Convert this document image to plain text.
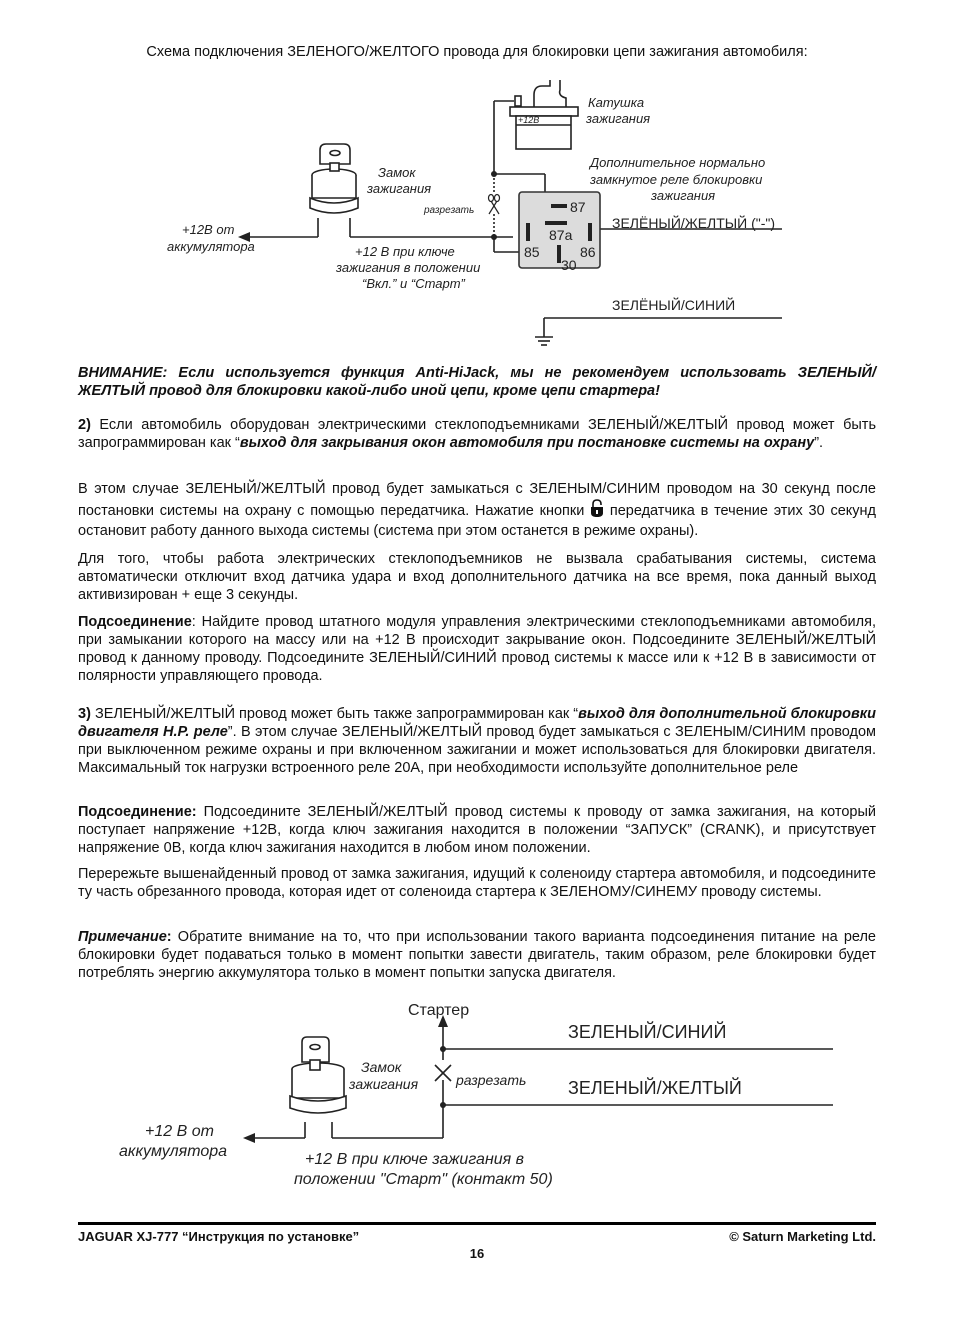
Схема подключения ЗЕЛЕНОГО/ЖЕЛТОГО провода для блокировки цепи зажигания автомобиля:
+12В
87
87a
85	86
30
Катушка
зажигания
Замок
зажигания
разрезать
+12В от
аккумулятора	+12 В при ключе
зажигания в положении
“Вкл.” и “Старт”
Дополнительное нормально
замкнутое реле блокировки
зажигания
ЗЕЛЁНЫЙ/ЖЕЛТЫЙ ("-")
ЗЕЛЁНЫЙ/СИНИЙ
ВНИМАНИЕ: Если используется функция Anti-HiJack, мы не рекомендуем использовать ЗЕЛЕНЫЙ/ЖЕЛТЫЙ провод для блокировки какой-либо иной цепи, кроме цепи стартера!
2) Если автомобиль оборудован электрическими стеклоподъемниками ЗЕЛЕНЫЙ/ЖЕЛТЫЙ провод может быть запрограммирован как “выход для закрывания окон автомобиля при постановке системы на охрану”.
В этом случае ЗЕЛЕНЫЙ/ЖЕЛТЫЙ провод будет замыкаться с ЗЕЛЕНЫМ/СИНИМ проводом на 30 секунд после постановки системы на охрану с помощью передатчика. Нажатие кнопки  передатчика в течение этих 30 секунд остановит работу данного выхода системы (система при этом останется в режиме охраны).
Для того, чтобы работа электрических стеклоподъемников не вызвала срабатывания системы, система автоматически отключит вход датчика удара и вход дополнительного датчика на все время, пока данный выход активизирован + еще 3 секунды.
Подсоединение: Найдите провод штатного модуля управления электрическими стеклоподъемниками автомобиля, при замыкании которого на массу или на +12 В происходит закрывание окон. Подсоедините ЗЕЛЕНЫЙ/ЖЕЛТЫЙ провод к данному проводу. Подсоедините ЗЕЛЕНЫЙ/СИНИЙ провод системы к массе или к +12 В в зависимости от полярности управляющего провода.
3) ЗЕЛЕНЫЙ/ЖЕЛТЫЙ провод может быть также запрограммирован как “выход для дополнительной блокировки двигателя Н.Р. реле”. В этом случае ЗЕЛЕНЫЙ/ЖЕЛТЫЙ провод будет замыкаться с ЗЕЛЕНЫМ/СИНИМ проводом при выключенном режиме охраны и при включенном зажигании и может использоваться для блокировки двигателя. Максимальный ток нагрузки встроенного реле 20А, при необходимости используйте дополнительное реле
Подсоединение: Подсоедините ЗЕЛЕНЫЙ/ЖЕЛТЫЙ провод системы к проводу от замка зажигания, на который поступает напряжение +12В, когда ключ зажигания находится в положении “ЗАПУСК” (CRANK), и присутствует напряжение 0В, когда ключ зажигания находится в любом ином положении.
Перережьте вышенайденный провод от замка зажигания, идущий к соленоиду стартера автомобиля, и подсоедините ту часть обрезанного провода, которая идет от соленоида стартера к ЗЕЛЕНОМУ/СИНЕМУ проводу системы.
Примечание: Обратите внимание на то, что при использовании такого варианта подсоединения питание на реле блокировки будет подаваться только в момент попытки завести двигатель, таким образом, реле блокировки будет потреблять энергию аккумулятора только в момент попытки запуска двигателя.
Стартер
ЗЕЛЕНЫЙ/СИНИЙ
ЗЕЛЕНЫЙ/ЖЕЛТЫЙ
Замок
зажигания	разрезать
+12 В от
аккумулятора	+12 В при ключе зажигания в
положении "Старт" (контакт 50)
JAGUAR XJ-777 “Инструкция по установке”	© Saturn Marketing Ltd.
16
